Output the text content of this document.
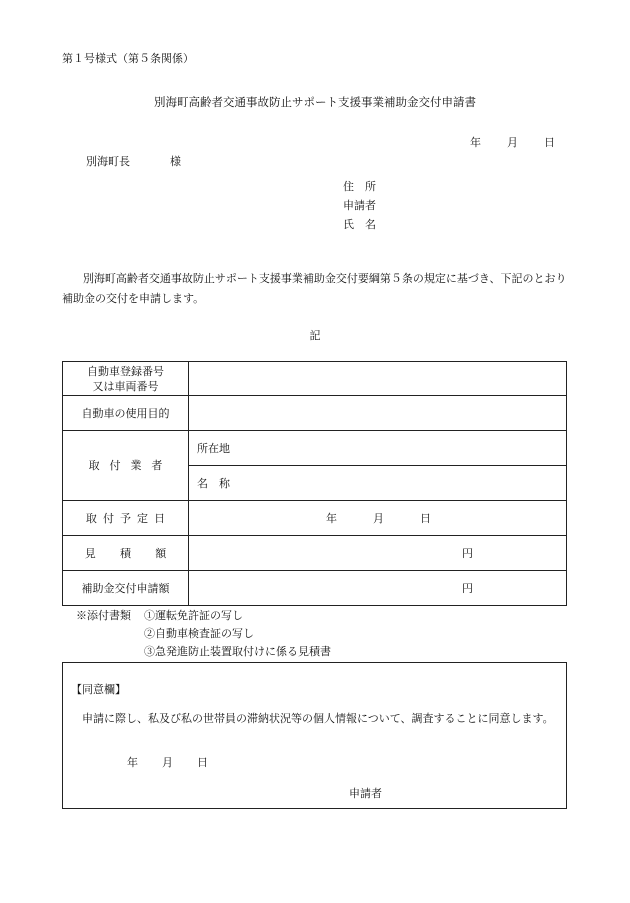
第１号様式（第５条関係）
別海町高齢者交通事故防止サポート支援事業補助金交付申請書
年 月 日
別海町長	様
住　所
申請者
氏　名
別海町高齢者交通事故防止サポート支援事業補助金交付要綱第５条の規定に基づき、下記のとおり補助金の交付を申請します。
記
自動車登録番号
又は車両番号	

自動車の使用目的	
取付業者	所在地
	名　称
取付予定日	年 月 日
見　積　額	円
補助金交付申請額	円
※添付書類 ①運転免許証の写し
②自動車検査証の写し
③急発進防止装置取付けに係る見積書
【同意欄】
申請に際し、私及び私の世帯員の滞納状況等の個人情報について、調査することに同意します。
年 月 日
申請者
